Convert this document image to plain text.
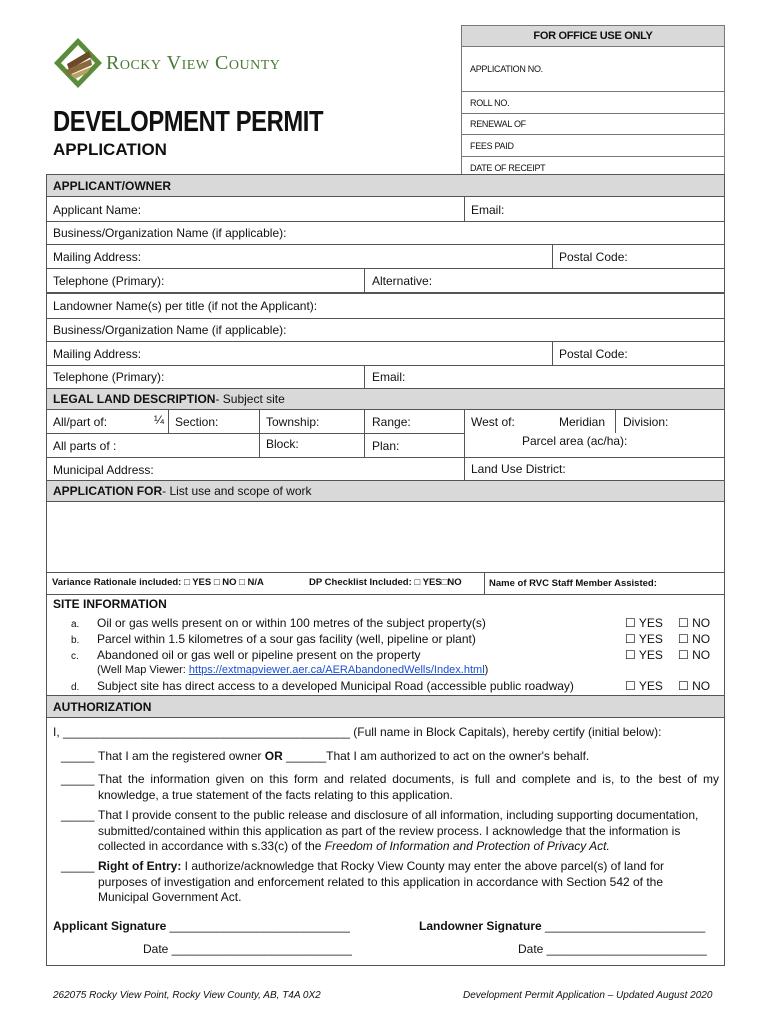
Rocky View County
DEVELOPMENT PERMIT
APPLICATION
FOR OFFICE USE ONLY
APPLICATION NO.
ROLL NO.
RENEWAL OF
FEES PAID
DATE OF RECEIPT
APPLICANT/OWNER
Applicant Name:	Email:
Business/Organization Name (if applicable):
Mailing Address:	Postal Code:
Telephone (Primary):	Alternative:
Landowner Name(s) per title (if not the Applicant):
Business/Organization Name (if applicable):
Mailing Address:	Postal Code:
Telephone (Primary):	Email:
LEGAL LAND DESCRIPTION - Subject site
All/part of:	¼ Section:	Township:	Range:	West of:	Meridian Division:
All parts of :	Block:	Plan:	Parcel area (ac/ha):
Municipal Address:	Land Use District:
APPLICATION FOR - List use and scope of work
Variance Rationale included: □ YES □ NO □ N/A	DP Checklist Included: □ YES□NO	Name of RVC Staff Member Assisted:
SITE INFORMATION
a. Oil or gas wells present on or within 100 metres of the subject property(s)	☐ YES ☐ NO
b. Parcel within 1.5 kilometres of a sour gas facility (well, pipeline or plant)	☐ YES ☐ NO
c. Abandoned oil or gas well or pipeline present on the property	☐ YES ☐ NO
(Well Map Viewer: https://extmapviewer.aer.ca/AERAbandonedWells/Index.html)
d. Subject site has direct access to a developed Municipal Road (accessible public roadway)	☐ YES ☐ NO
AUTHORIZATION
I, ___________________________________________ (Full name in Block Capitals), hereby certify (initial below):
_____ That I am the registered owner OR ______That I am authorized to act on the owner's behalf.
_____ That the information given on this form and related documents, is full and complete and is, to the best of my knowledge, a true statement of the facts relating to this application.
_____ That I provide consent to the public release and disclosure of all information, including supporting documentation, submitted/contained within this application as part of the review process. I acknowledge that the information is collected in accordance with s.33(c) of the Freedom of Information and Protection of Privacy Act.
_____ Right of Entry: I authorize/acknowledge that Rocky View County may enter the above parcel(s) of land for purposes of investigation and enforcement related to this application in accordance with Section 542 of the Municipal Government Act.
Applicant Signature ___________________________	Landowner Signature ________________________
Date ___________________________	Date ________________________
262075 Rocky View Point, Rocky View County, AB, T4A 0X2	Development Permit Application – Updated August 2020
